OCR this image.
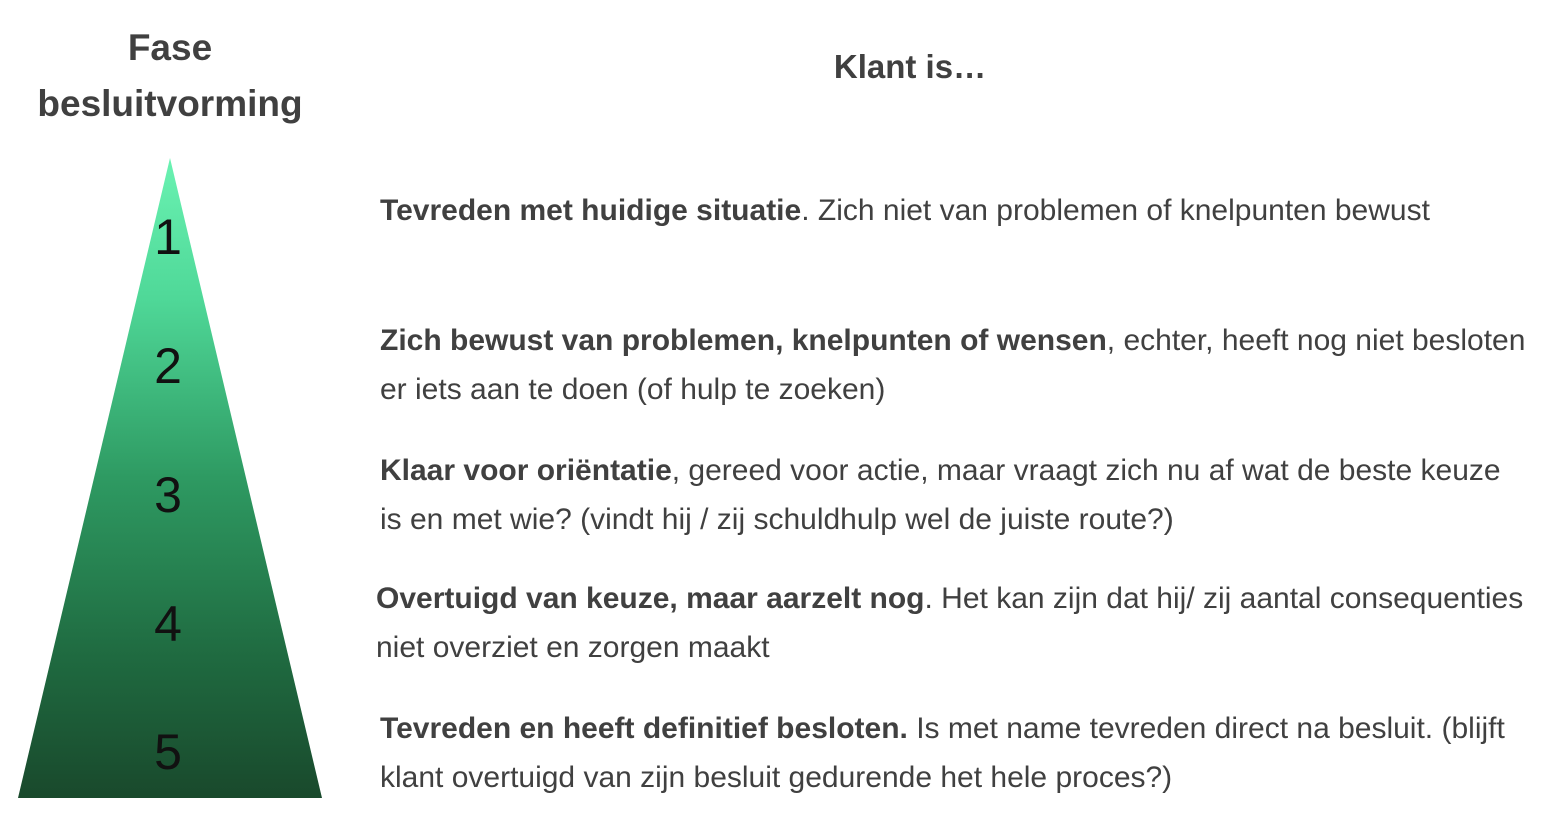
Fase
besluitvorming
Klant is…
1
2
3
4
5
Tevreden met huidige situatie. Zich niet van problemen of knelpunten bewust
Zich bewust van problemen, knelpunten of wensen, echter, heeft nog niet besloten er iets aan te doen (of hulp te zoeken)
Klaar voor oriëntatie, gereed voor actie, maar vraagt zich nu af wat de beste keuze is en met wie? (vindt hij / zij schuldhulp wel de juiste route?)
Overtuigd van keuze, maar aarzelt nog. Het kan zijn dat hij/ zij aantal consequenties niet overziet en zorgen maakt
Tevreden en heeft definitief besloten. Is met name tevreden direct na besluit. (blijft klant overtuigd van zijn besluit gedurende het hele proces?)
